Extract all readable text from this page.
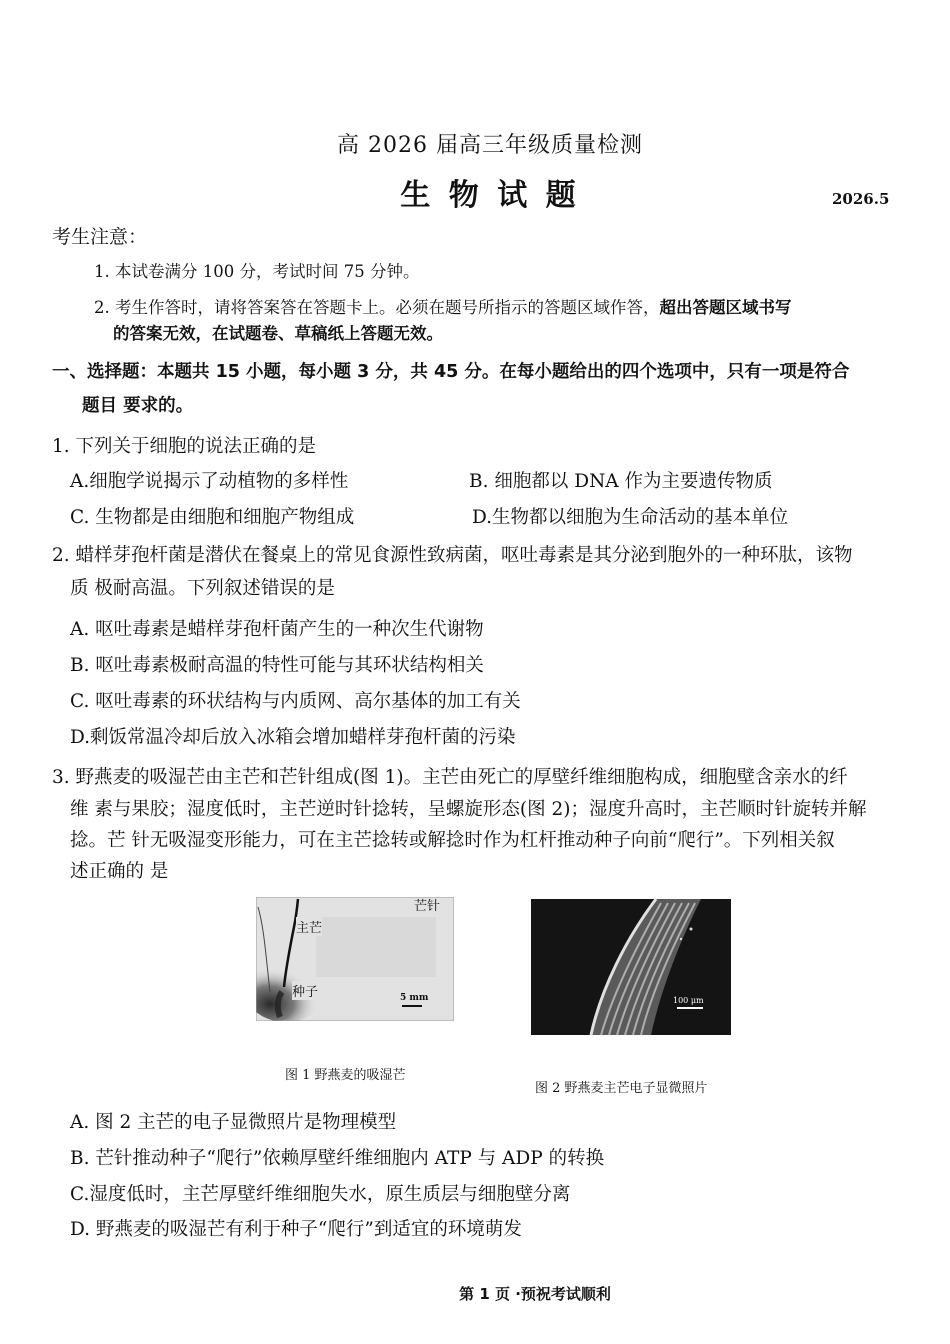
高 2026 届高三年级质量检测
生 物 试 题	2026.5
考生注意：
1. 本试卷满分 100 分，考试时间 75 分钟。
2. 考生作答时，请将答案答在答题卡上。必须在题号所指示的答题区域作答，超出答题区域书写
的答案无效，在试题卷、草稿纸上答题无效。
一、选择题：本题共 15 小题，每小题 3 分，共 45 分。在每小题给出的四个选项中，只有一项是符合
题目 要求的。
1. 下列关于细胞的说法正确的是
A.细胞学说揭示了动植物的多样性	B. 细胞都以 DNA 作为主要遗传物质
C. 生物都是由细胞和细胞产物组成	D.生物都以细胞为生命活动的基本单位
2. 蜡样芽孢杆菌是潜伏在餐桌上的常见食源性致病菌，呕吐毒素是其分泌到胞外的一种环肽，该物
质 极耐高温。下列叙述错误的是
A. 呕吐毒素是蜡样芽孢杆菌产生的一种次生代谢物
B. 呕吐毒素极耐高温的特性可能与其环状结构相关
C. 呕吐毒素的环状结构与内质网、高尔基体的加工有关
D.剩饭常温冷却后放入冰箱会增加蜡样芽孢杆菌的污染
3. 野燕麦的吸湿芒由主芒和芒针组成(图 1)。主芒由死亡的厚壁纤维细胞构成，细胞壁含亲水的纤
维 素与果胶；湿度低时，主芒逆时针捻转，呈螺旋形态(图 2)；湿度升高时，主芒顺时针旋转并解
捻。芒 针无吸湿变形能力，可在主芒捻转或解捻时作为杠杆推动种子向前“爬行”。下列相关叙
述正确的 是
芒针
主芒
种子	5 mm
图 1 野燕麦的吸湿芒
100 μm
图 2 野燕麦主芒电子显微照片
A. 图 2 主芒的电子显微照片是物理模型
B. 芒针推动种子“爬行”依赖厚壁纤维细胞内 ATP 与 ADP 的转换
C.湿度低时，主芒厚壁纤维细胞失水，原生质层与细胞壁分离
D. 野燕麦的吸湿芒有利于种子“爬行”到适宜的环境萌发
第 1 页 ·预祝考试顺利
